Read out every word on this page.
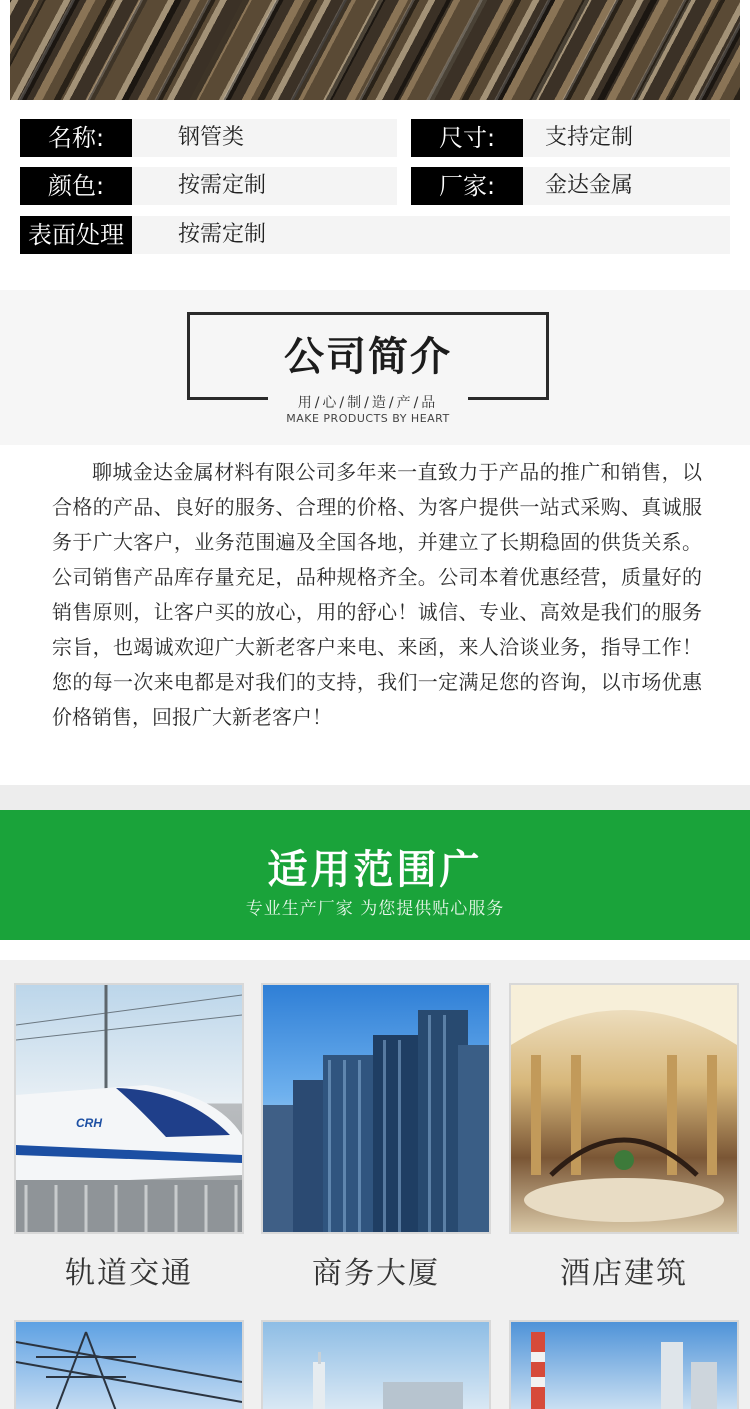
名称:	钢管类	尺寸:	支持定制
颜色:	按需定制	厂家:	金达金属
表面处理	按需定制
公司简介
用/心/制/造/产/品
MAKE PRODUCTS BY HEART
聊城金达金属材料有限公司多年来一直致力于产品的推广和销售，以合格的产品、良好的服务、合理的价格、为客户提供一站式采购、真诚服务于广大客户，业务范围遍及全国各地，并建立了长期稳固的供货关系。公司销售产品库存量充足，品种规格齐全。公司本着优惠经营，质量好的销售原则，让客户买的放心，用的舒心！诚信、专业、高效是我们的服务宗旨，也竭诚欢迎广大新老客户来电、来函，来人洽谈业务，指导工作！您的每一次来电都是对我们的支持，我们一定满足您的咨询，以市场优惠价格销售，回报广大新老客户！
适用范围广
专业生产厂家 为您提供贴心服务
CRH
轨道交通	商务大厦	酒店建筑
